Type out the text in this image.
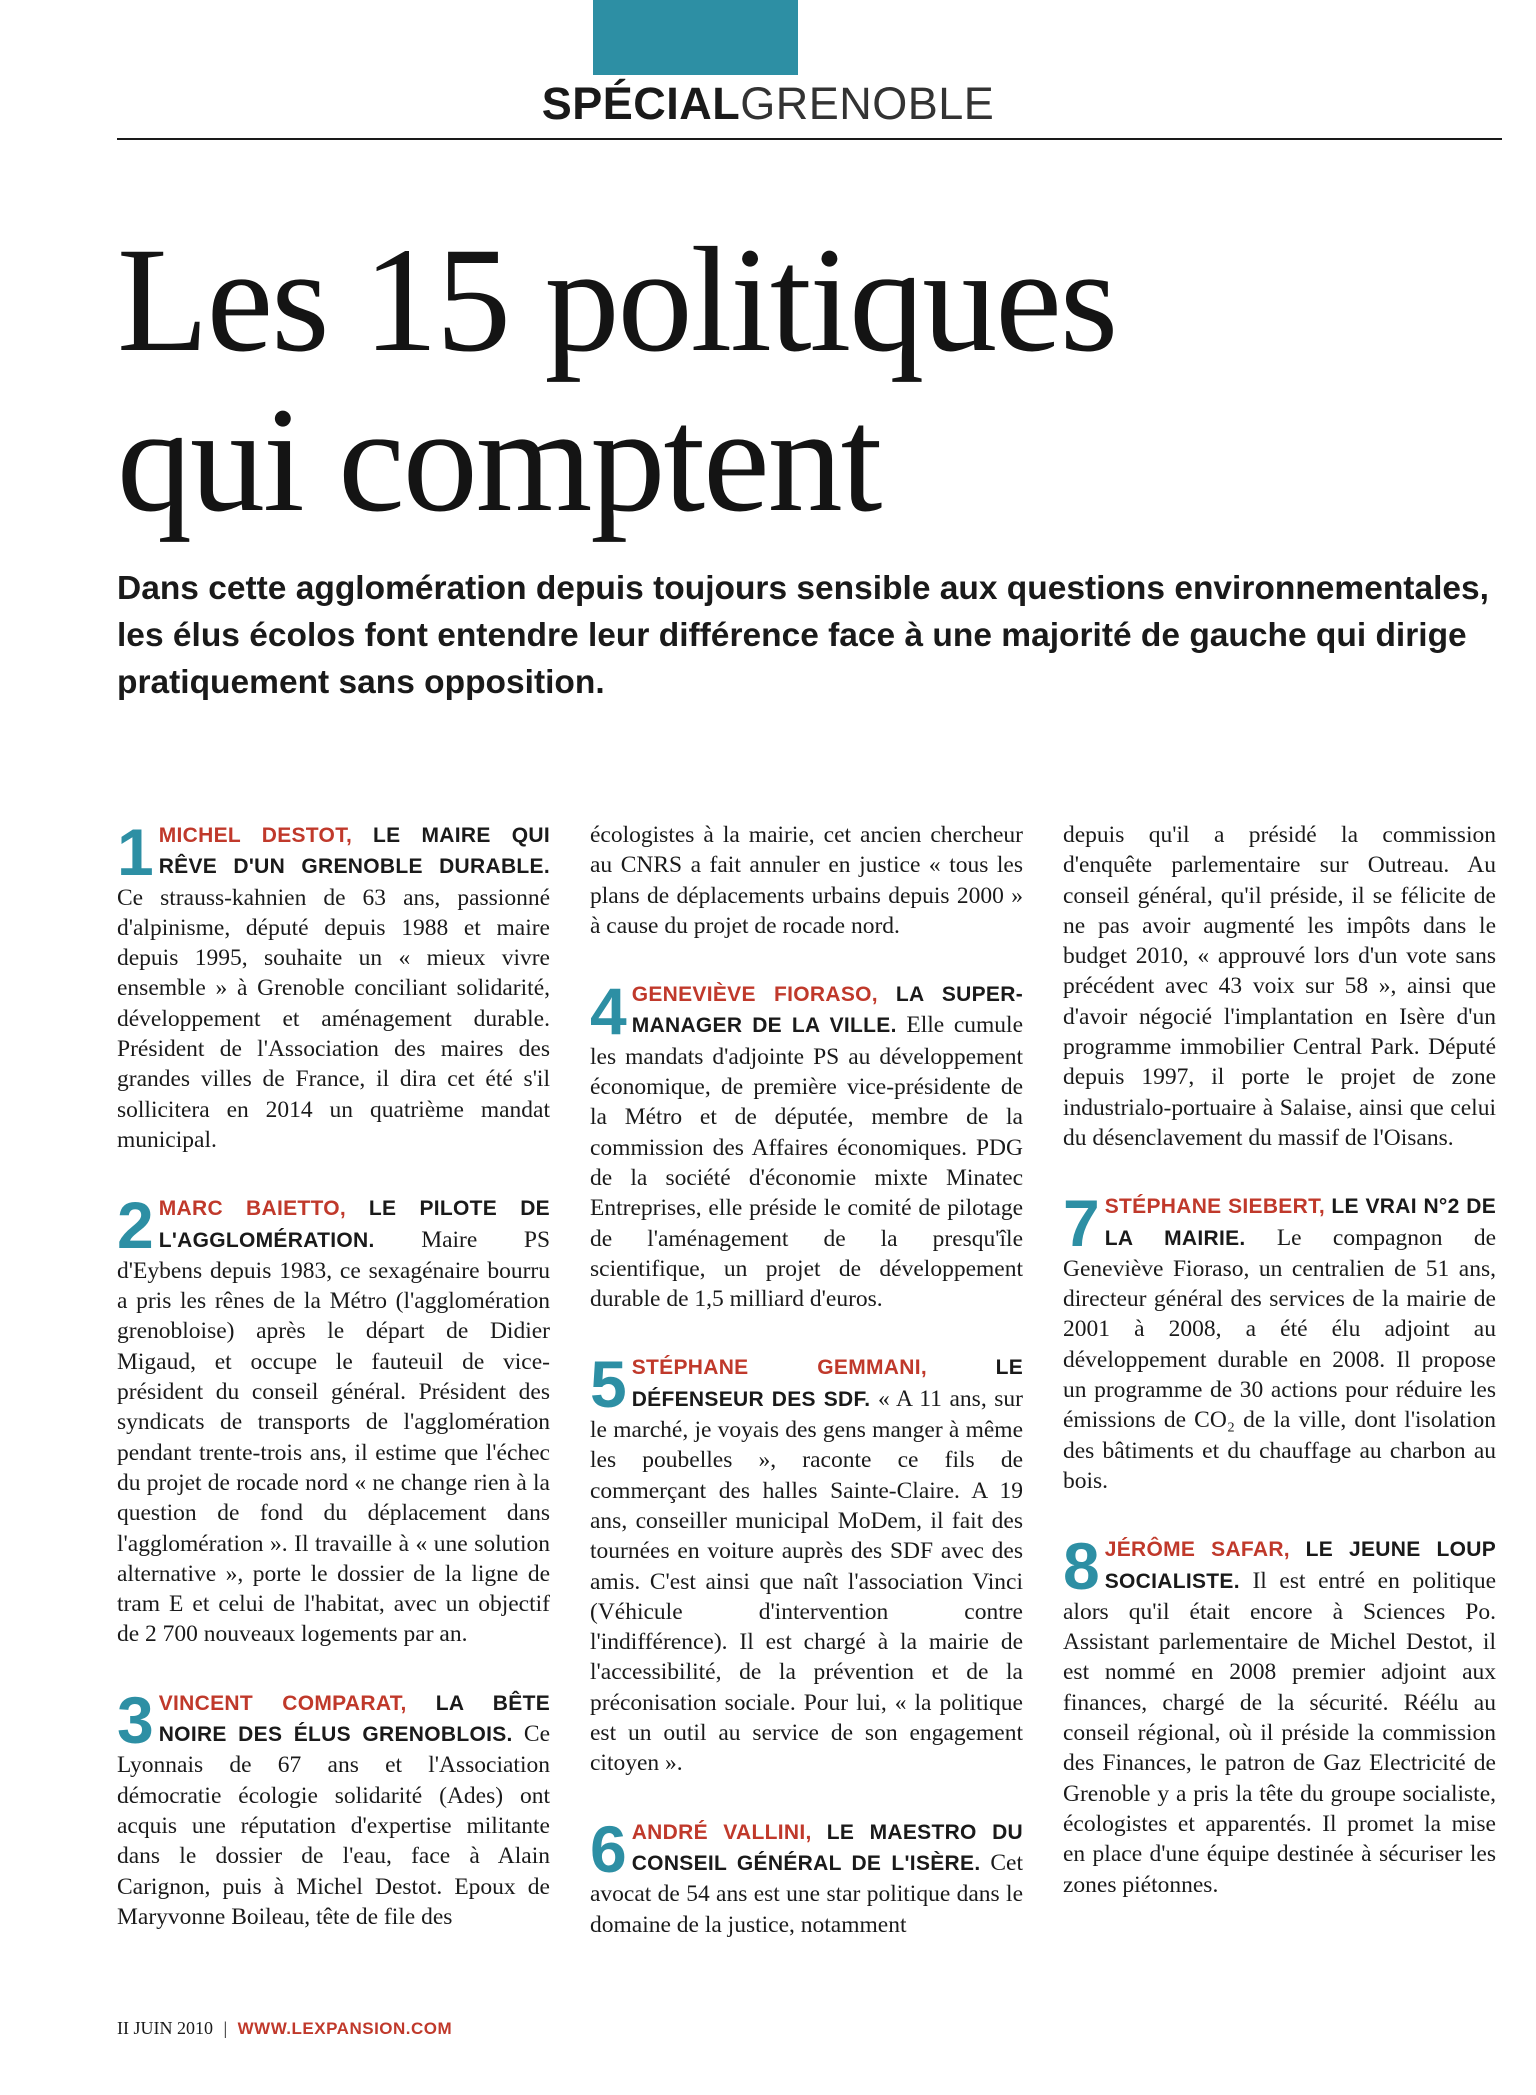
SPÉCIALGRENOBLE
Les 15 politiques
qui comptent

Dans cette agglomération depuis toujours sensible aux questions environnementales, les élus écolos font entendre leur différence face à une majorité de gauche qui dirige pratiquement sans opposition.

1 MICHEL DESTOT, LE MAIRE QUI RÊVE D'UN GRENOBLE DURABLE. Ce strauss-kahnien de 63 ans, passionné d'alpinisme, député depuis 1988 et maire depuis 1995, souhaite un « mieux vivre ensemble » à Grenoble conciliant solidarité, développement et aménagement durable. Président de l'Association des maires des grandes villes de France, il dira cet été s'il sollicitera en 2014 un quatrième mandat municipal.

2 MARC BAIETTO, LE PILOTE DE L'AGGLOMÉRATION. Maire PS d'Eybens depuis 1983, ce sexagénaire bourru a pris les rênes de la Métro (l'agglomération grenobloise) après le départ de Didier Migaud, et occupe le fauteuil de vice-président du conseil général. Président des syndicats de transports de l'agglomération pendant trente-trois ans, il estime que l'échec du projet de rocade nord « ne change rien à la question de fond du déplacement dans l'agglomération ». Il travaille à « une solution alternative », porte le dossier de la ligne de tram E et celui de l'habitat, avec un objectif de 2 700 nouveaux logements par an.

3 VINCENT COMPARAT, LA BÊTE NOIRE DES ÉLUS GRENOBLOIS. Ce Lyonnais de 67 ans et l'Association démocratie écologie solidarité (Ades) ont acquis une réputation d'expertise militante dans le dossier de l'eau, face à Alain Carignon, puis à Michel Destot. Epoux de Maryvonne Boileau, tête de file des

écologistes à la mairie, cet ancien chercheur au CNRS a fait annuler en justice « tous les plans de déplacements urbains depuis 2000 » à cause du projet de rocade nord.

4 GENEVIÈVE FIORASO, LA SUPER-MANAGER DE LA VILLE. Elle cumule les mandats d'adjointe PS au développement économique, de première vice-présidente de la Métro et de députée, membre de la commission des Affaires économiques. PDG de la société d'économie mixte Minatec Entreprises, elle préside le comité de pilotage de l'aménagement de la presqu'île scientifique, un projet de développement durable de 1,5 milliard d'euros.

5 STÉPHANE GEMMANI,	LE DÉFENSEUR DES SDF. « A 11 ans, sur le marché, je voyais des gens manger à même les poubelles », raconte ce fils de commerçant des halles Sainte-Claire. A 19 ans, conseiller municipal MoDem, il fait des tournées en voiture auprès des SDF avec des amis. C'est ainsi que naît l'association Vinci (Véhicule d'intervention contre l'indifférence). Il est chargé à la mairie de l'accessibilité, de la prévention et de la préconisation sociale. Pour lui, « la politique est un outil au service de son engagement citoyen ».

6 ANDRÉ VALLINI, LE MAESTRO DU CONSEIL GÉNÉRAL DE L'ISÈRE. Cet avocat de 54 ans est une star politique dans le domaine de la justice, notamment

depuis qu'il a présidé la commission d'enquête parlementaire sur Outreau. Au conseil général, qu'il préside, il se félicite de ne pas avoir augmenté les impôts dans le budget 2010, « approuvé lors d'un vote sans précédent avec 43 voix sur 58 », ainsi que d'avoir négocié l'implantation en Isère d'un programme immobilier Central Park. Député depuis 1997, il porte le projet de zone industrialo-portuaire à Salaise, ainsi que celui du désenclavement du massif de l'Oisans.

7 STÉPHANE SIEBERT, LE VRAI N°2 DE LA MAIRIE. Le compagnon de Geneviève Fioraso, un centralien de 51 ans, directeur général des services de la mairie de 2001 à 2008, a été élu adjoint au développement durable en 2008. Il propose un programme de 30 actions pour réduire les émissions de CO₂ de la ville, dont l'isolation des bâtiments et du chauffage au charbon au bois.

8 JÉRÔME SAFAR, LE JEUNE LOUP SOCIALISTE. Il est entré en politique alors qu'il était encore à Sciences Po. Assistant parlementaire de Michel Destot, il est nommé en 2008 premier adjoint aux finances, chargé de la sécurité. Réélu au conseil régional, où il préside la commission des Finances, le patron de Gaz Electricité de Grenoble y a pris la tête du groupe socialiste, écologistes et apparentés. Il promet la mise en place d'une équipe destinée à sécuriser les zones piétonnes.

II JUIN 2010 | WWW.LEXPANSION.COM
